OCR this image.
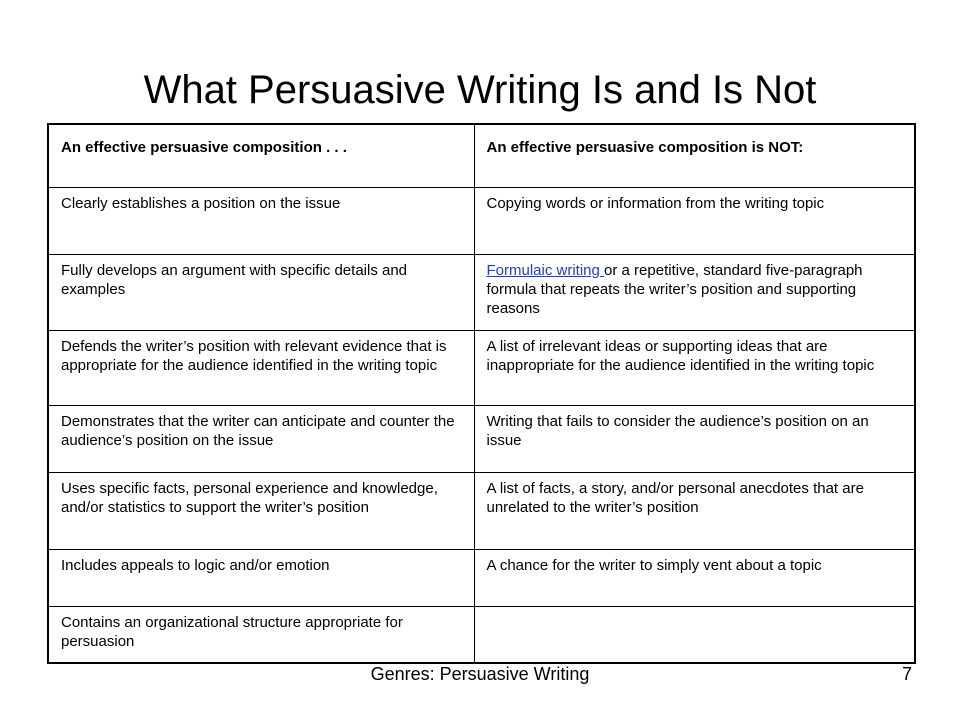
What Persuasive Writing Is and Is Not
An effective persuasive composition . . .	An effective persuasive composition is NOT:
Clearly establishes a position on the issue	Copying words or information from the writing topic
Fully develops an argument with specific details and examples	Formulaic writing or a repetitive, standard five-paragraph formula that repeats the writer’s position and supporting reasons
Defends the writer’s position with relevant evidence that is appropriate for the audience identified in the writing topic	A list of irrelevant ideas or supporting ideas that are inappropriate for the audience identified in the writing topic
Demonstrates that the writer can anticipate and counter the audience’s position on the issue	Writing that fails to consider the audience’s position on an issue
Uses specific facts, personal experience and knowledge, and/or statistics to support the writer’s position	A list of facts, a story, and/or personal anecdotes that are unrelated to the writer’s position
Includes appeals to logic and/or emotion	A chance for the writer to simply vent about a topic
Contains an organizational structure appropriate for persuasion	
Genres: Persuasive Writing	7
